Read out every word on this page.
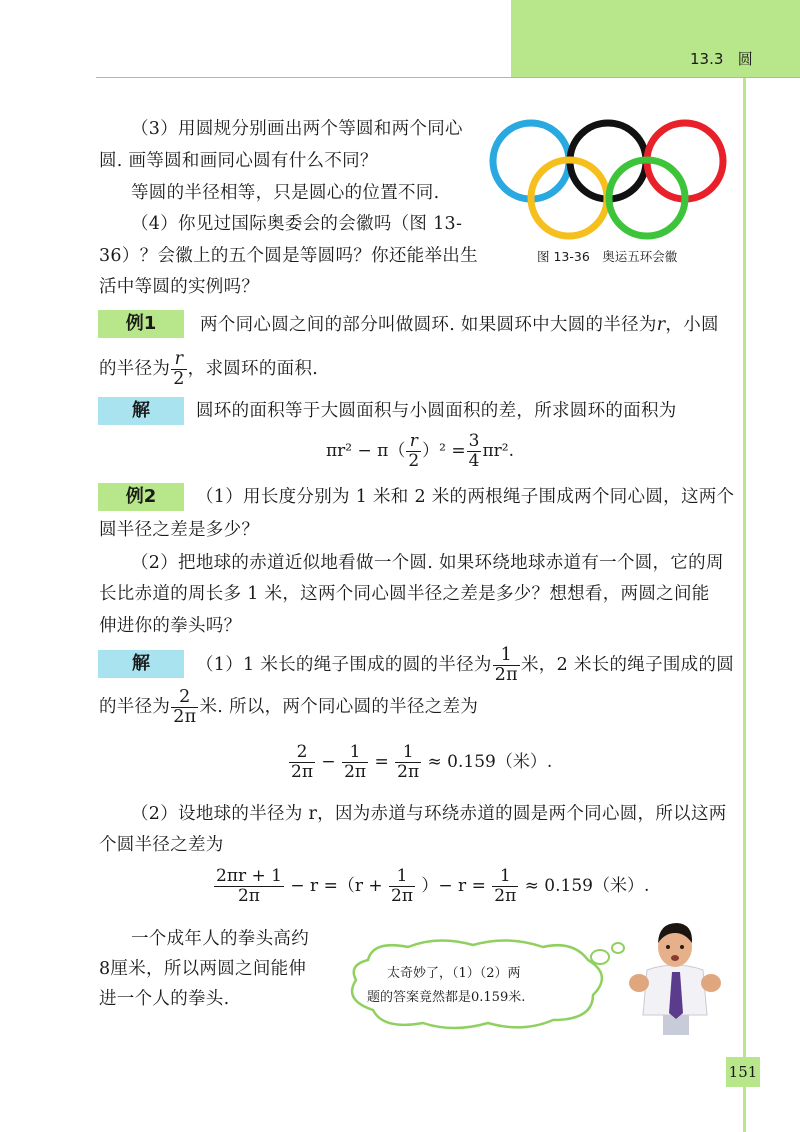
13.3 圆
（3）用圆规分别画出两个等圆和两个同心
圆. 画等圆和画同心圆有什么不同？
等圆的半径相等，只是圆心的位置不同.
（4）你见过国际奥委会的会徽吗（图 13-
36）？会徽上的五个圆是等圆吗？你还能举出生
活中等圆的实例吗？
图 13-36　奥运五环会徽
例1	两个同心圆之间的部分叫做圆环. 如果圆环中大圆的半径为r，小圆
的半径为 $\frac{r}{2}$ ，求圆环的面积.
解	圆环的面积等于大圆面积与小圆面积的差，所求圆环的面积为
$\pi r^2 - \pi( \frac{r}{2} )^2 = \frac{3}{4} \pi r^2$.
例2	（1）用长度分别为 1 米和 2 米的两根绳子围成两个同心圆，这两个
圆半径之差是多少？
（2）把地球的赤道近似地看做一个圆. 如果环绕地球赤道有一个圆，它的周
长比赤道的周长多 1 米，这两个同心圆半径之差是多少？想想看，两圆之间能
伸进你的拳头吗？
解	（1）1 米长的绳子围成的圆的半径为 $\frac{1}{2\pi}$ 米，2 米长的绳子围成的圆
的半径为 $\frac{2}{2\pi}$ 米. 所以，两个同心圆的半径之差为
$\frac{2}{2\pi} - \frac{1}{2\pi} = \frac{1}{2\pi} \approx 0.159$（米）.
（2）设地球的半径为 r，因为赤道与环绕赤道的圆是两个同心圆，所以这两
个圆半径之差为
$\frac{2\pi r + 1}{2\pi} - r =(r + \frac{1}{2\pi}$ ）− $r = \frac{1}{2\pi} \approx 0.159$（米）.
一个成年人的拳头高约
8厘米，所以两圆之间能伸
进一个人的拳头.
太奇妙了，（1）（2）两
题的答案竟然都是0.159米.
151
